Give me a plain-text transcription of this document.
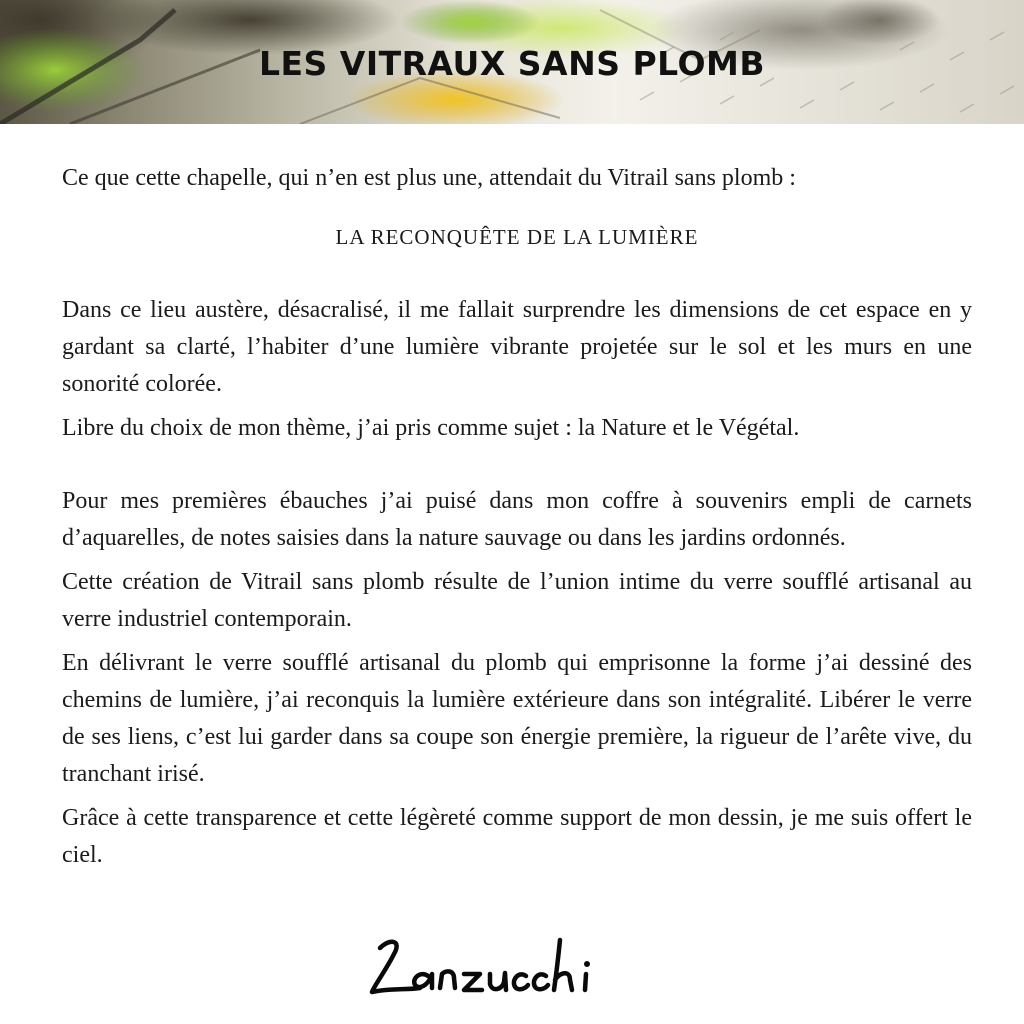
LES VITRAUX SANS PLOMB

Ce que cette chapelle, qui n’en est plus une, attendait du Vitrail sans plomb :

LA RECONQUÊTE DE LA LUMIÈRE

Dans ce lieu austère, désacralisé, il me fallait surprendre les dimensions de cet espace en y gardant sa clarté, l’habiter d’une lumière vibrante projetée sur le sol et les murs en une sonorité colorée.

Libre du choix de mon thème, j’ai pris comme sujet : la Nature et le Végétal.

Pour mes premières ébauches j’ai puisé dans mon coffre à souvenirs empli de carnets d’aquarelles, de notes saisies dans la nature sauvage ou dans les jardins ordonnés.

Cette création de Vitrail sans plomb résulte de l’union intime du verre soufflé artisanal au verre industriel contemporain.

En délivrant le verre soufflé artisanal du plomb qui emprisonne la forme j’ai dessiné des chemins de lumière, j’ai reconquis la lumière extérieure dans son intégralité. Libérer le verre de ses liens, c’est lui garder dans sa coupe son énergie première, la rigueur de l’arête vive, du tranchant irisé.

Grâce à cette transparence et cette légèreté comme support de mon dessin, je me suis offert le ciel.
